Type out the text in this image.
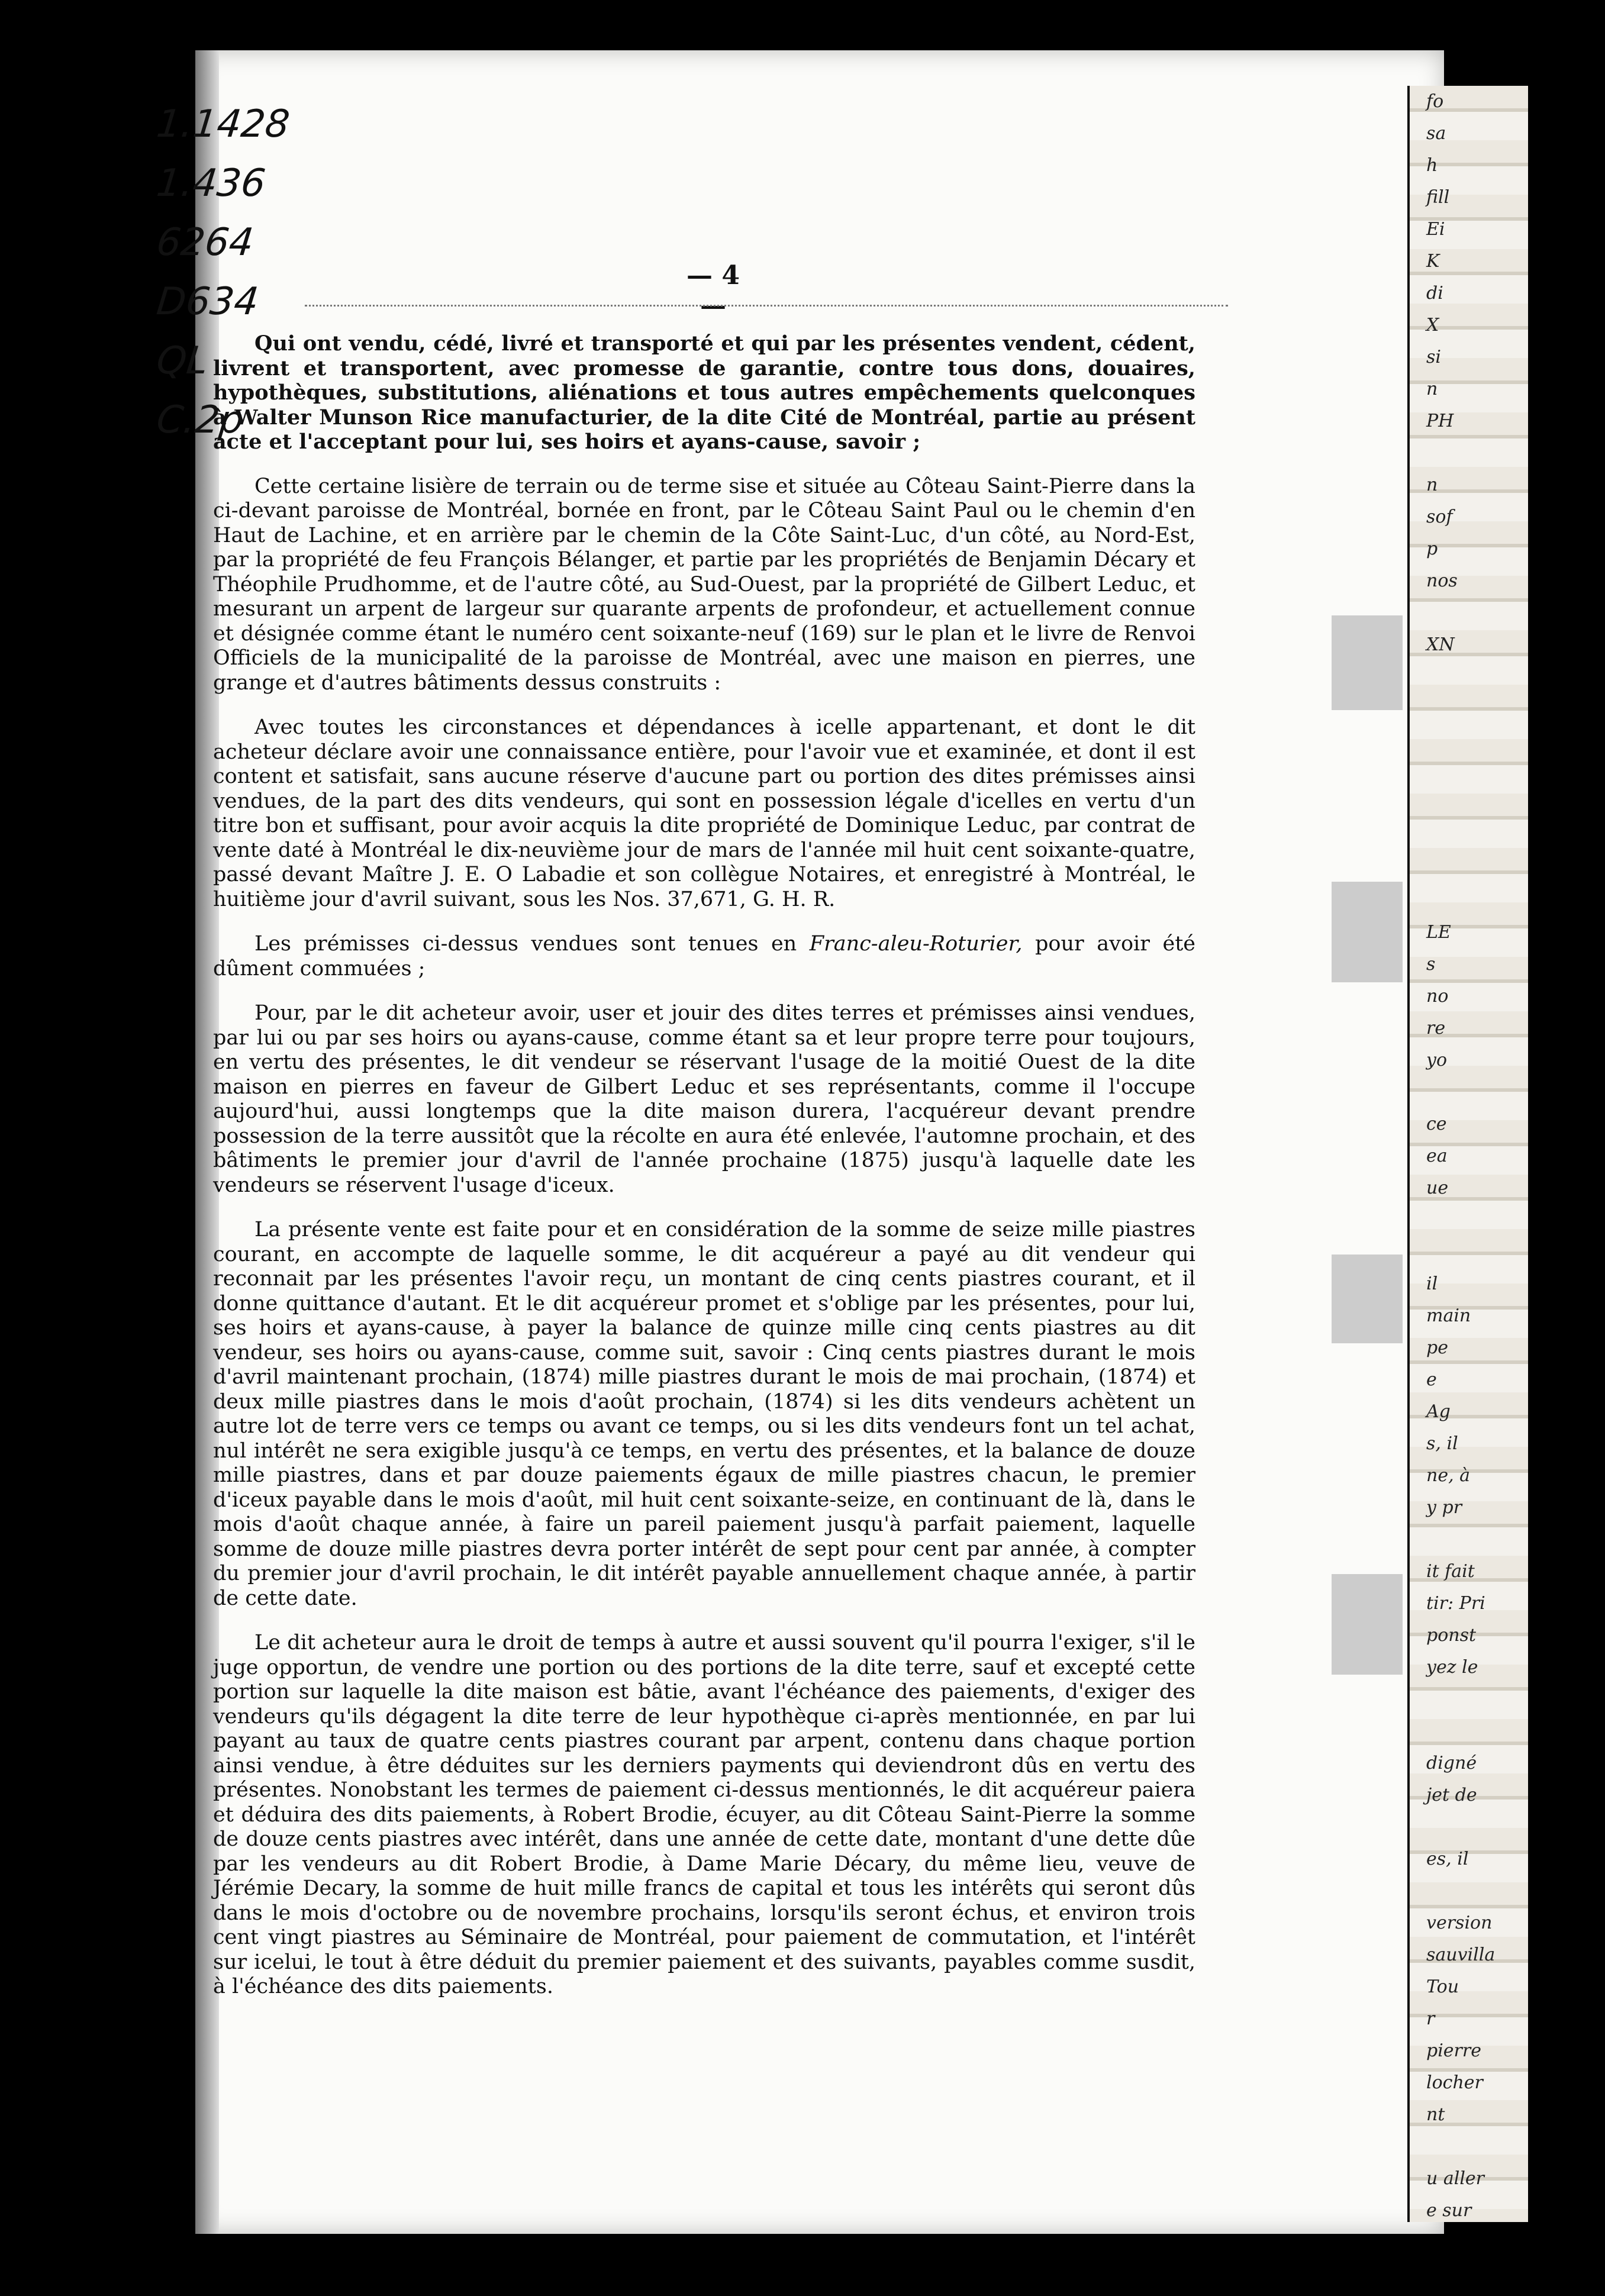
fo
sa
h
fill
Ei
K
di
X
si
n
PH

n
sof
p
nos

XN

LE
s
no
re
yo

ce
ea
ue

il
main
pe
e
Ag
s, il
ne, à
y pr

it fait
tir: Pri
ponst
yez le

digné
jet de

es, il

version
sauvilla
Tou
r
pierre
locher
nt

u aller
e sur
1.1428
1.436
6264
D634
QL
C.2p
— 4 —

Qui ont vendu, cédé, livré et transporté et qui par les présentes vendent, cédent, livrent et transportent, avec promesse de garantie, contre tous dons, douaires, hypothèques, substitutions, aliénations et tous autres empêchements quelconques à Walter Munson Rice manufacturier, de la dite Cité de Montréal, partie au présent acte et l'acceptant pour lui, ses hoirs et ayans-cause, savoir ;

Cette certaine lisière de terrain ou de terme sise et située au Côteau Saint-Pierre dans la ci-devant paroisse de Montréal, bornée en front, par le Côteau Saint Paul ou le chemin d'en Haut de Lachine, et en arrière par le chemin de la Côte Saint-Luc, d'un côté, au Nord-Est, par la propriété de feu François Bélanger, et partie par les propriétés de Benjamin Décary et Théophile Prudhomme, et de l'autre côté, au Sud-Ouest, par la propriété de Gilbert Leduc, et mesurant un arpent de largeur sur quarante arpents de profondeur, et actuellement connue et désignée comme étant le numéro cent soixante-neuf (169) sur le plan et le livre de Renvoi Officiels de la municipalité de la paroisse de Montréal, avec une maison en pierres, une grange et d'autres bâtiments dessus construits :

Avec toutes les circonstances et dépendances à icelle appartenant, et dont le dit acheteur déclare avoir une connaissance entière, pour l'avoir vue et examinée, et dont il est content et satisfait, sans aucune réserve d'aucune part ou portion des dites prémisses ainsi vendues, de la part des dits vendeurs, qui sont en possession légale d'icelles en vertu d'un titre bon et suffisant, pour avoir acquis la dite propriété de Dominique Leduc, par contrat de vente daté à Montréal le dix-neuvième jour de mars de l'année mil huit cent soixante-quatre, passé devant Maître J. E. O Labadie et son collègue Notaires, et enregistré à Montréal, le huitième jour d'avril suivant, sous les Nos. 37,671, G. H. R.

Les prémisses ci-dessus vendues sont tenues en Franc-aleu-Roturier, pour avoir été dûment commuées ;

Pour, par le dit acheteur avoir, user et jouir des dites terres et prémisses ainsi vendues, par lui ou par ses hoirs ou ayans-cause, comme étant sa et leur propre terre pour toujours, en vertu des présentes, le dit vendeur se réservant l'usage de la moitié Ouest de la dite maison en pierres en faveur de Gilbert Leduc et ses représentants, comme il l'occupe aujourd'hui, aussi longtemps que la dite maison durera, l'acquéreur devant prendre possession de la terre aussitôt que la récolte en aura été enlevée, l'automne prochain, et des bâtiments le premier jour d'avril de l'année prochaine (1875) jusqu'à laquelle date les vendeurs se réservent l'usage d'iceux.

La présente vente est faite pour et en considération de la somme de seize mille piastres courant, en accompte de laquelle somme, le dit acquéreur a payé au dit vendeur qui reconnait par les présentes l'avoir reçu, un montant de cinq cents piastres courant, et il donne quittance d'autant. Et le dit acquéreur promet et s'oblige par les présentes, pour lui, ses hoirs et ayans-cause, à payer la balance de quinze mille cinq cents piastres au dit vendeur, ses hoirs ou ayans-cause, comme suit, savoir : Cinq cents piastres durant le mois d'avril maintenant prochain, (1874) mille piastres durant le mois de mai prochain, (1874) et deux mille piastres dans le mois d'août prochain, (1874) si les dits vendeurs achètent un autre lot de terre vers ce temps ou avant ce temps, ou si les dits vendeurs font un tel achat, nul intérêt ne sera exigible jusqu'à ce temps, en vertu des présentes, et la balance de douze mille piastres, dans et par douze paiements égaux de mille piastres chacun, le premier d'iceux payable dans le mois d'août, mil huit cent soixante-seize, en continuant de là, dans le mois d'août chaque année, à faire un pareil paiement jusqu'à parfait paiement, laquelle somme de douze mille piastres devra porter intérêt de sept pour cent par année, à compter du premier jour d'avril prochain, le dit intérêt payable annuellement chaque année, à partir de cette date.

Le dit acheteur aura le droit de temps à autre et aussi souvent qu'il pourra l'exiger, s'il le juge opportun, de vendre une portion ou des portions de la dite terre, sauf et excepté cette portion sur laquelle la dite maison est bâtie, avant l'échéance des paiements, d'exiger des vendeurs qu'ils dégagent la dite terre de leur hypothèque ci-après mentionnée, en par lui payant au taux de quatre cents piastres courant par arpent, contenu dans chaque portion ainsi vendue, à être déduites sur les derniers payments qui deviendront dûs en vertu des présentes. Nonobstant les termes de paiement ci-dessus mentionnés, le dit acquéreur paiera et déduira des dits paiements, à Robert Brodie, écuyer, au dit Côteau Saint-Pierre la somme de douze cents piastres avec intérêt, dans une année de cette date, montant d'une dette dûe par les vendeurs au dit Robert Brodie, à Dame Marie Décary, du même lieu, veuve de Jérémie Decary, la somme de huit mille francs de capital et tous les intérêts qui seront dûs dans le mois d'octobre ou de novembre prochains, lorsqu'ils seront échus, et environ trois cent vingt piastres au Séminaire de Montréal, pour paiement de commutation, et l'intérêt sur icelui, le tout à être déduit du premier paiement et des suivants, payables comme susdit, à l'échéance des dits paiements.
